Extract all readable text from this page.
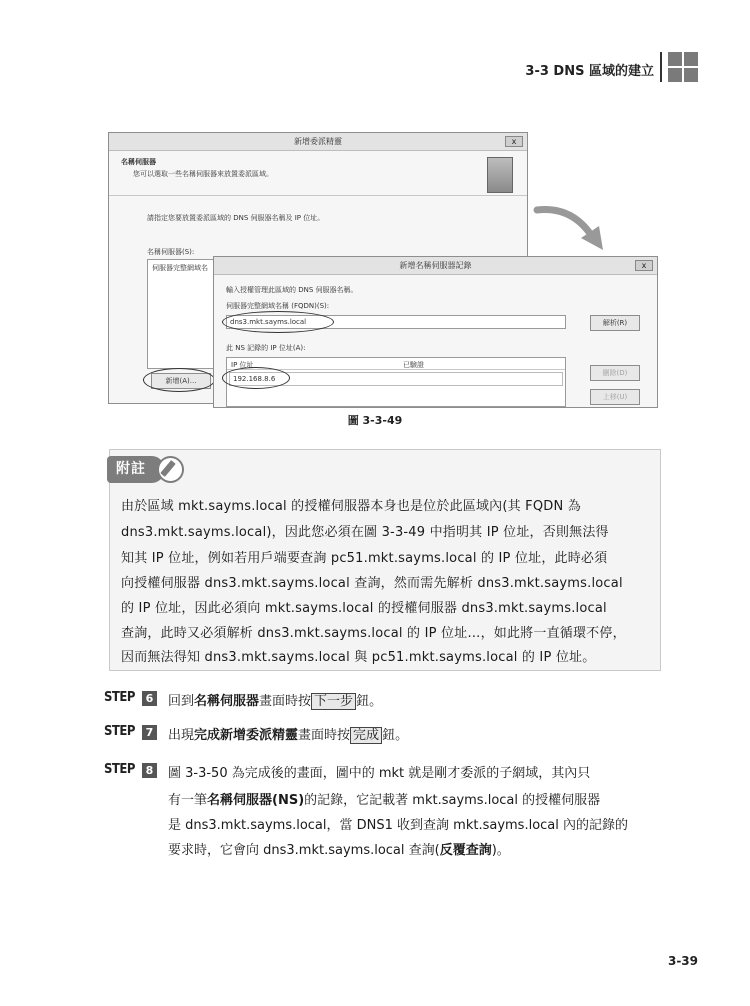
3-3 DNS 區域的建立
新增委派精靈	x
名稱伺服器
您可以選取一些名稱伺服器來放置委派區域。
請指定您要放置委派區域的 DNS 伺服器名稱及 IP 位址。
名稱伺服器(S):
伺服器完整網域名
新增(A)...
新增名稱伺服器記錄	x
輸入授權管理此區域的 DNS 伺服器名稱。
伺服器完整網域名稱 (FQDN)(S):
dns3.mkt.sayms.local	解析(R)
此 NS 記錄的 IP 位址(A):
IP 位址	已驗證
192.168.8.6
刪除(D)
上移(U)
圖 3-3-49
附註
由於區域 mkt.sayms.local 的授權伺服器本身也是位於此區域內(其 FQDN 為
dns3.mkt.sayms.local)，因此您必須在圖 3-3-49 中指明其 IP 位址，否則無法得
知其 IP 位址，例如若用戶端要查詢 pc51.mkt.sayms.local 的 IP 位址，此時必須
向授權伺服器 dns3.mkt.sayms.local 查詢，然而需先解析 dns3.mkt.sayms.local
的 IP 位址，因此必須向 mkt.sayms.local 的授權伺服器 dns3.mkt.sayms.local
查詢，此時又必須解析 dns3.mkt.sayms.local 的 IP 位址…，如此將一直循環不停，
因而無法得知 dns3.mkt.sayms.local 與 pc51.mkt.sayms.local 的 IP 位址。
STEP 6 回到名稱伺服器畫面時按 下一步 鈕。
STEP 7 出現完成新增委派精靈畫面時按 完成 鈕。
STEP 8 圖 3-3-50 為完成後的畫面，圖中的 mkt 就是剛才委派的子網域，其內只
有一筆名稱伺服器(NS)的記錄，它記載著 mkt.sayms.local 的授權伺服器
是 dns3.mkt.sayms.local，當 DNS1 收到查詢 mkt.sayms.local 內的記錄的
要求時，它會向 dns3.mkt.sayms.local 查詢(反覆查詢)。
3-39
